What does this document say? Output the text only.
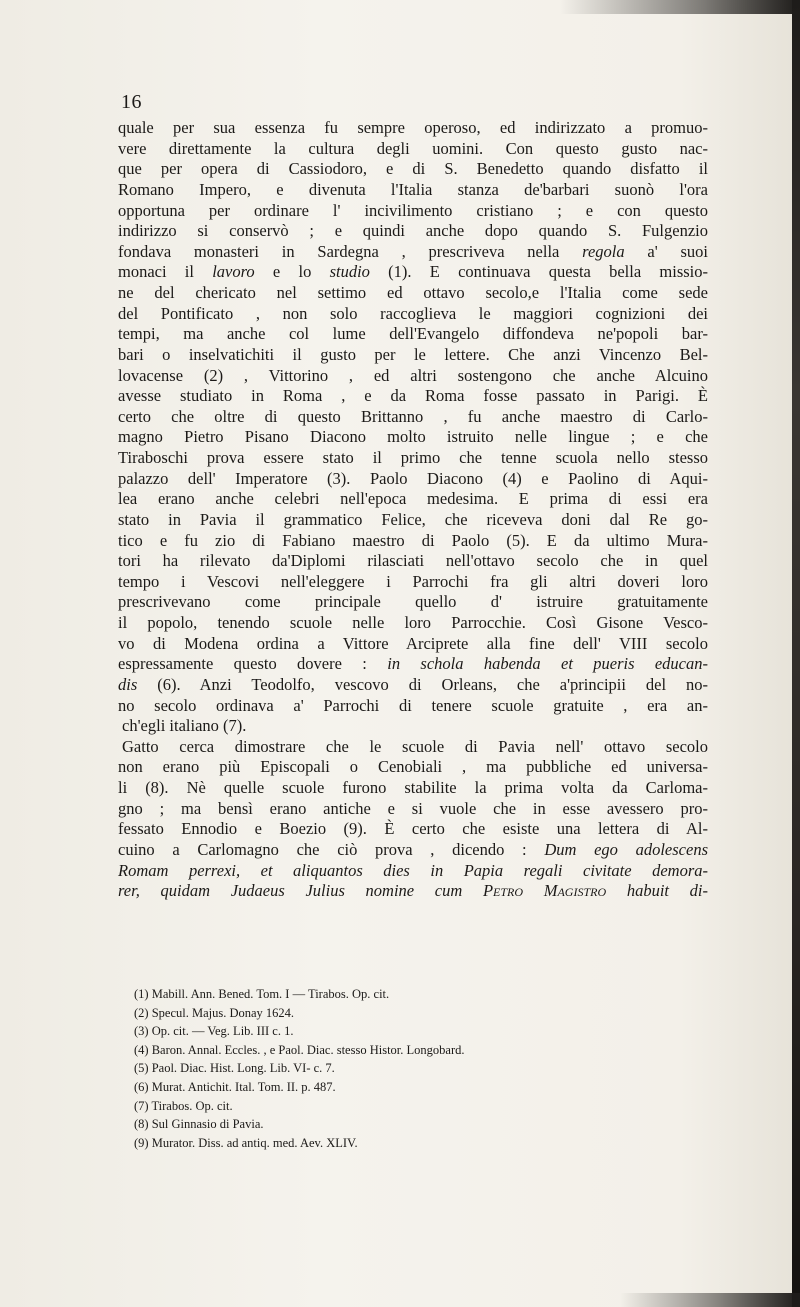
16
quale per sua essenza fu sempre operoso, ed indirizzato a promuo-
vere direttamente la cultura degli uomini. Con questo gusto nac-
que per opera di Cassiodoro, e di S. Benedetto quando disfatto il
Romano Impero, e divenuta l'Italia stanza de'barbari suonò l'ora
opportuna per ordinare l' incivilimento cristiano ; e con questo
indirizzo si conservò ; e quindi anche dopo quando S. Fulgenzio
fondava monasteri in Sardegna , prescriveva nella regola a' suoi
monaci il lavoro e lo studio (1). E continuava questa bella missio-
ne del chericato nel settimo ed ottavo secolo,e l'Italia come sede
del Pontificato , non solo raccoglieva le maggiori cognizioni dei
tempi, ma anche col lume dell'Evangelo diffondeva ne'popoli bar-
bari o inselvatichiti il gusto per le lettere. Che anzi Vincenzo Bel-
lovacense (2) , Vittorino , ed altri sostengono che anche Alcuino
avesse studiato in Roma , e da Roma fosse passato in Parigi. È
certo che oltre di questo Brittanno , fu anche maestro di Carlo-
magno Pietro Pisano Diacono molto istruito nelle lingue ; e che
Tiraboschi prova essere stato il primo che tenne scuola nello stesso
palazzo dell' Imperatore (3). Paolo Diacono (4) e Paolino di Aqui-
lea erano anche celebri nell'epoca medesima. E prima di essi era
stato in Pavia il grammatico Felice, che riceveva doni dal Re go-
tico e fu zio di Fabiano maestro di Paolo (5). E da ultimo Mura-
tori ha rilevato da'Diplomi rilasciati nell'ottavo secolo che in quel
tempo i Vescovi nell'eleggere i Parrochi fra gli altri doveri loro
prescrivevano come principale quello d' istruire gratuitamente
il popolo, tenendo scuole nelle loro Parrocchie. Così Gisone Vesco-
vo di Modena ordina a Vittore Arciprete alla fine dell' VIII secolo
espressamente questo dovere : in schola habenda et pueris educan-
dis (6). Anzi Teodolfo, vescovo di Orleans, che a'principii del no-
no secolo ordinava a' Parrochi di tenere scuole gratuite , era an-
ch'egli italiano (7).
Gatto cerca dimostrare che le scuole di Pavia nell' ottavo secolo
non erano più Episcopali o Cenobiali , ma pubbliche ed universa-
li (8). Nè quelle scuole furono stabilite la prima volta da Carloma-
gno ; ma bensì erano antiche e si vuole che in esse avessero pro-
fessato Ennodio e Boezio (9). È certo che esiste una lettera di Al-
cuino a Carlomagno che ciò prova , dicendo : Dum ego adolescens
Romam perrexi, et aliquantos dies in Papia regali civitate demora-
rer, quidam Judaeus Julius nomine cum Petro Magistro habuit di-
(1) Mabill. Ann. Bened. Tom. I — Tirabos. Op. cit.
(2) Specul. Majus. Donay 1624.
(3) Op. cit. — Veg. Lib. III c. 1.
(4) Baron. Annal. Eccles. , e Paol. Diac. stesso Histor. Longobard.
(5) Paol. Diac. Hist. Long. Lib. VI- c. 7.
(6) Murat. Antichit. Ital. Tom. II. p. 487.
(7) Tirabos. Op. cit.
(8) Sul Ginnasio di Pavia.
(9) Murator. Diss. ad antiq. med. Aev. XLIV.
